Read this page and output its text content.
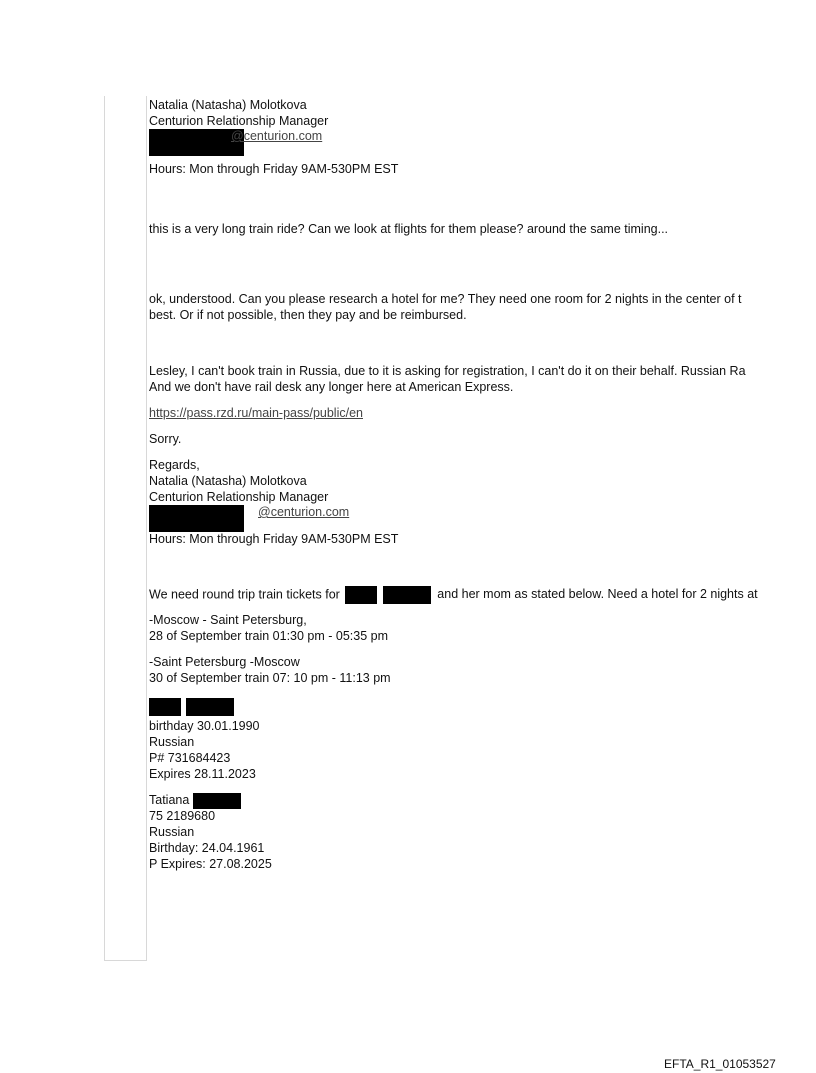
Natalia (Natasha) Molotkova
Centurion Relationship Manager
@centurion.com
Hours: Mon through Friday 9AM-530PM EST
this is a very long train ride? Can we look at flights for them please? around the same timing...
ok, understood. Can you please research a hotel for me? They need one room for 2 nights in the center of t
best. Or if not possible, then they pay and be reimbursed.
Lesley, I can't book train in Russia, due to it is asking for registration, I can't do it on their behalf. Russian Ra
And we don't have rail desk any longer here at American Express.
https://pass.rzd.ru/main-pass/public/en
Sorry.
Regards,
Natalia (Natasha) Molotkova
Centurion Relationship Manager
@centurion.com
Hours: Mon through Friday 9AM-530PM EST
We need round trip train tickets for	and her mom as stated below. Need a hotel for 2 nights at
-Moscow - Saint Petersburg,
28 of September train 01:30 pm - 05:35 pm
-Saint Petersburg -Moscow
30 of September train 07: 10 pm - 11:13 pm

birthday 30.01.1990
Russian
P# 731684423
Expires 28.11.2023
Tatiana
75 2189680
Russian
Birthday: 24.04.1961
P Expires: 27.08.2025
EFTA_R1_01053527
